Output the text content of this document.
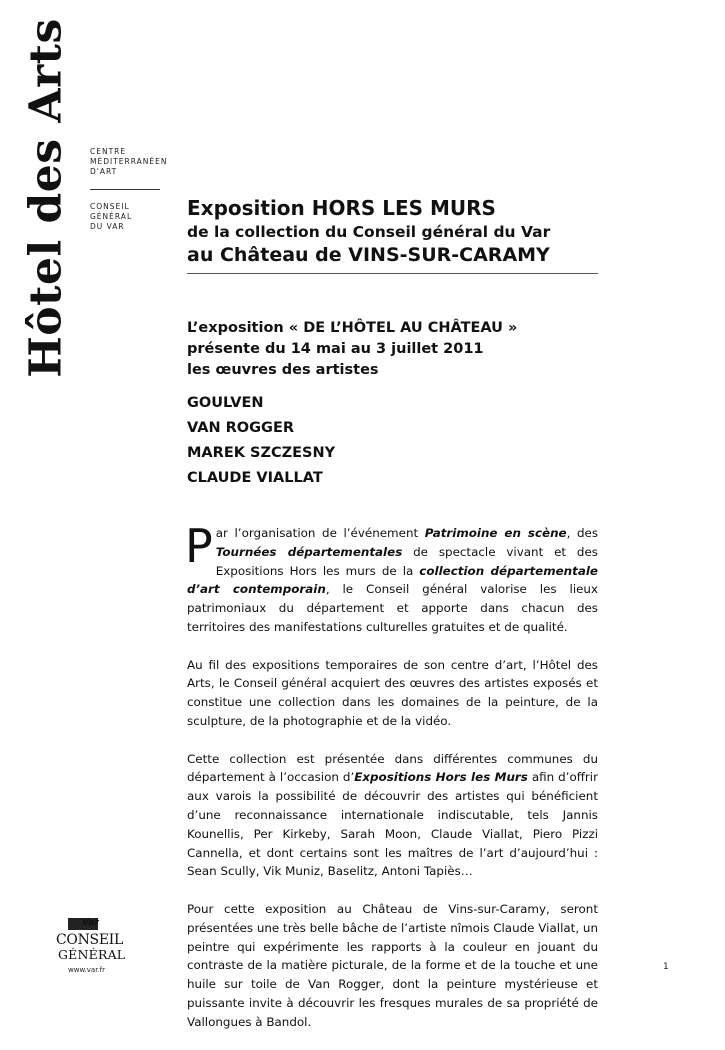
Hôtel des Arts CENTRE
MÉDITERRANÉEN
D'ART
CONSEIL
GÉNÉRAL
DU VAR
Exposition HORS LES MURS
de la collection du Conseil général du Var
au Château de VINS-SUR-CARAMY
L’exposition « DE L’HÔTEL AU CHÂTEAU »
présente du 14 mai au 3 juillet 2011
les œuvres des artistes
GOULVEN
VAN ROGGER
MAREK SZCZESNY
CLAUDE VIALLAT

Par l’organisation de l’événement Patrimoine en scène, des Tournées départementales de spectacle vivant et des Expositions Hors les murs de la collection départementale d’art contemporain, le Conseil général valorise les lieux patrimoniaux du département et apporte dans chacun des territoires des manifestations culturelles gratuites et de qualité.

Au fil des expositions temporaires de son centre d’art, l’Hôtel des Arts, le Conseil général acquiert des œuvres des artistes exposés et constitue une collection dans les domaines de la peinture, de la sculpture, de la photographie et de la vidéo.

Cette collection est présentée dans différentes communes du département à l’occasion d’Expositions Hors les Murs afin d’offrir aux varois la possibilité de découvrir des artistes qui bénéficient d’une reconnaissance internationale indiscutable, tels Jannis Kounellis, Per Kirkeby, Sarah Moon, Claude Viallat, Piero Pizzi Cannella, et dont certains sont les maîtres de l’art d’aujourd’hui : Sean Scully, Vik Muniz, Baselitz, Antoni Tapiès…

Pour cette exposition au Château de Vins-sur-Caramy, seront présentées une très belle bâche de l’artiste nîmois Claude Viallat, un peintre qui expérimente les rapports à la couleur en jouant du contraste de la matière picturale, de la forme et de la touche et une huile sur toile de Van Rogger, dont la peinture mystérieuse et puissante invite à découvrir les fresques murales de sa propriété de Vallongues à Bandol.

Var
CONSEIL
GÉNÉRAL
www.var.fr	1
